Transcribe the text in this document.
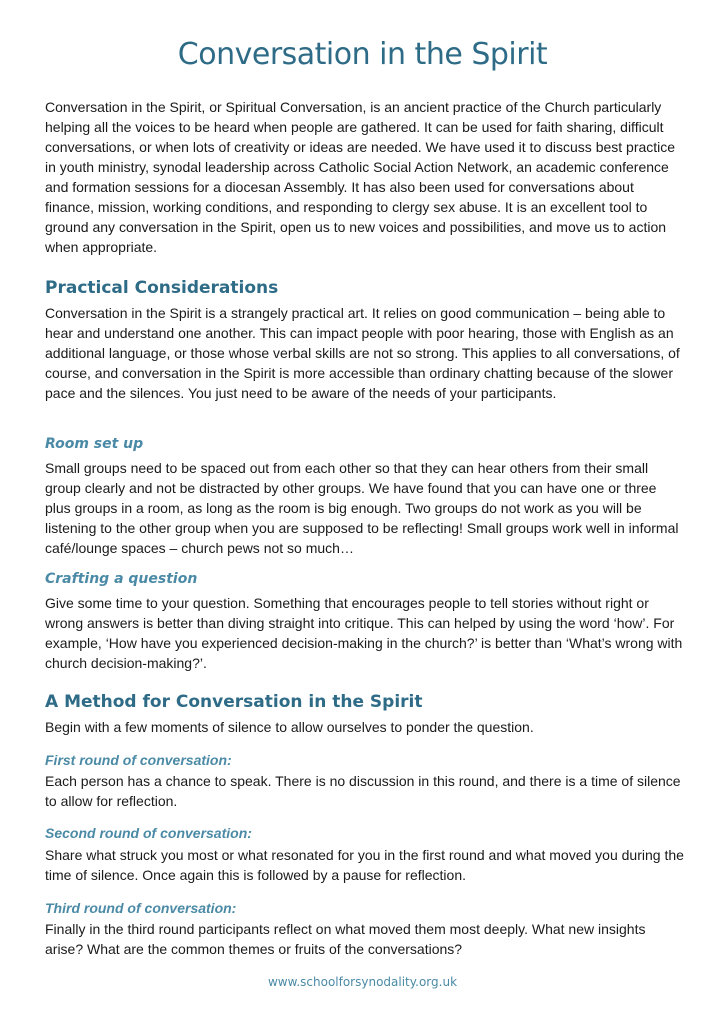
Conversation in the Spirit

Conversation in the Spirit, or Spiritual Conversation, is an ancient practice of the Church particularly helping all the voices to be heard when people are gathered. It can be used for faith sharing, difficult conversations, or when lots of creativity or ideas are needed. We have used it to discuss best practice in youth ministry, synodal leadership across Catholic Social Action Network, an academic conference and formation sessions for a diocesan Assembly. It has also been used for conversations about finance, mission, working conditions, and responding to clergy sex abuse. It is an excellent tool to ground any conversation in the Spirit, open us to new voices and possibilities, and move us to action when appropriate.

Practical Considerations

Conversation in the Spirit is a strangely practical art. It relies on good communication – being able to hear and understand one another. This can impact people with poor hearing, those with English as an additional language, or those whose verbal skills are not so strong. This applies to all conversations, of course, and conversation in the Spirit is more accessible than ordinary chatting because of the slower pace and the silences. You just need to be aware of the needs of your participants.

Room set up

Small groups need to be spaced out from each other so that they can hear others from their small group clearly and not be distracted by other groups. We have found that you can have one or three plus groups in a room, as long as the room is big enough. Two groups do not work as you will be listening to the other group when you are supposed to be reflecting! Small groups work well in informal café/lounge spaces – church pews not so much…

Crafting a question

Give some time to your question. Something that encourages people to tell stories without right or wrong answers is better than diving straight into critique. This can helped by using the word ‘how’. For example, ‘How have you experienced decision-making in the church?’ is better than ‘What’s wrong with church decision-making?’.

A Method for Conversation in the Spirit

Begin with a few moments of silence to allow ourselves to ponder the question.

First round of conversation:

Each person has a chance to speak. There is no discussion in this round, and there is a time of silence to allow for reflection.

Second round of conversation:

Share what struck you most or what resonated for you in the first round and what moved you during the time of silence. Once again this is followed by a pause for reflection.

Third round of conversation:

Finally in the third round participants reflect on what moved them most deeply. What new insights arise? What are the common themes or fruits of the conversations?

www.schoolforsynodality.org.uk
